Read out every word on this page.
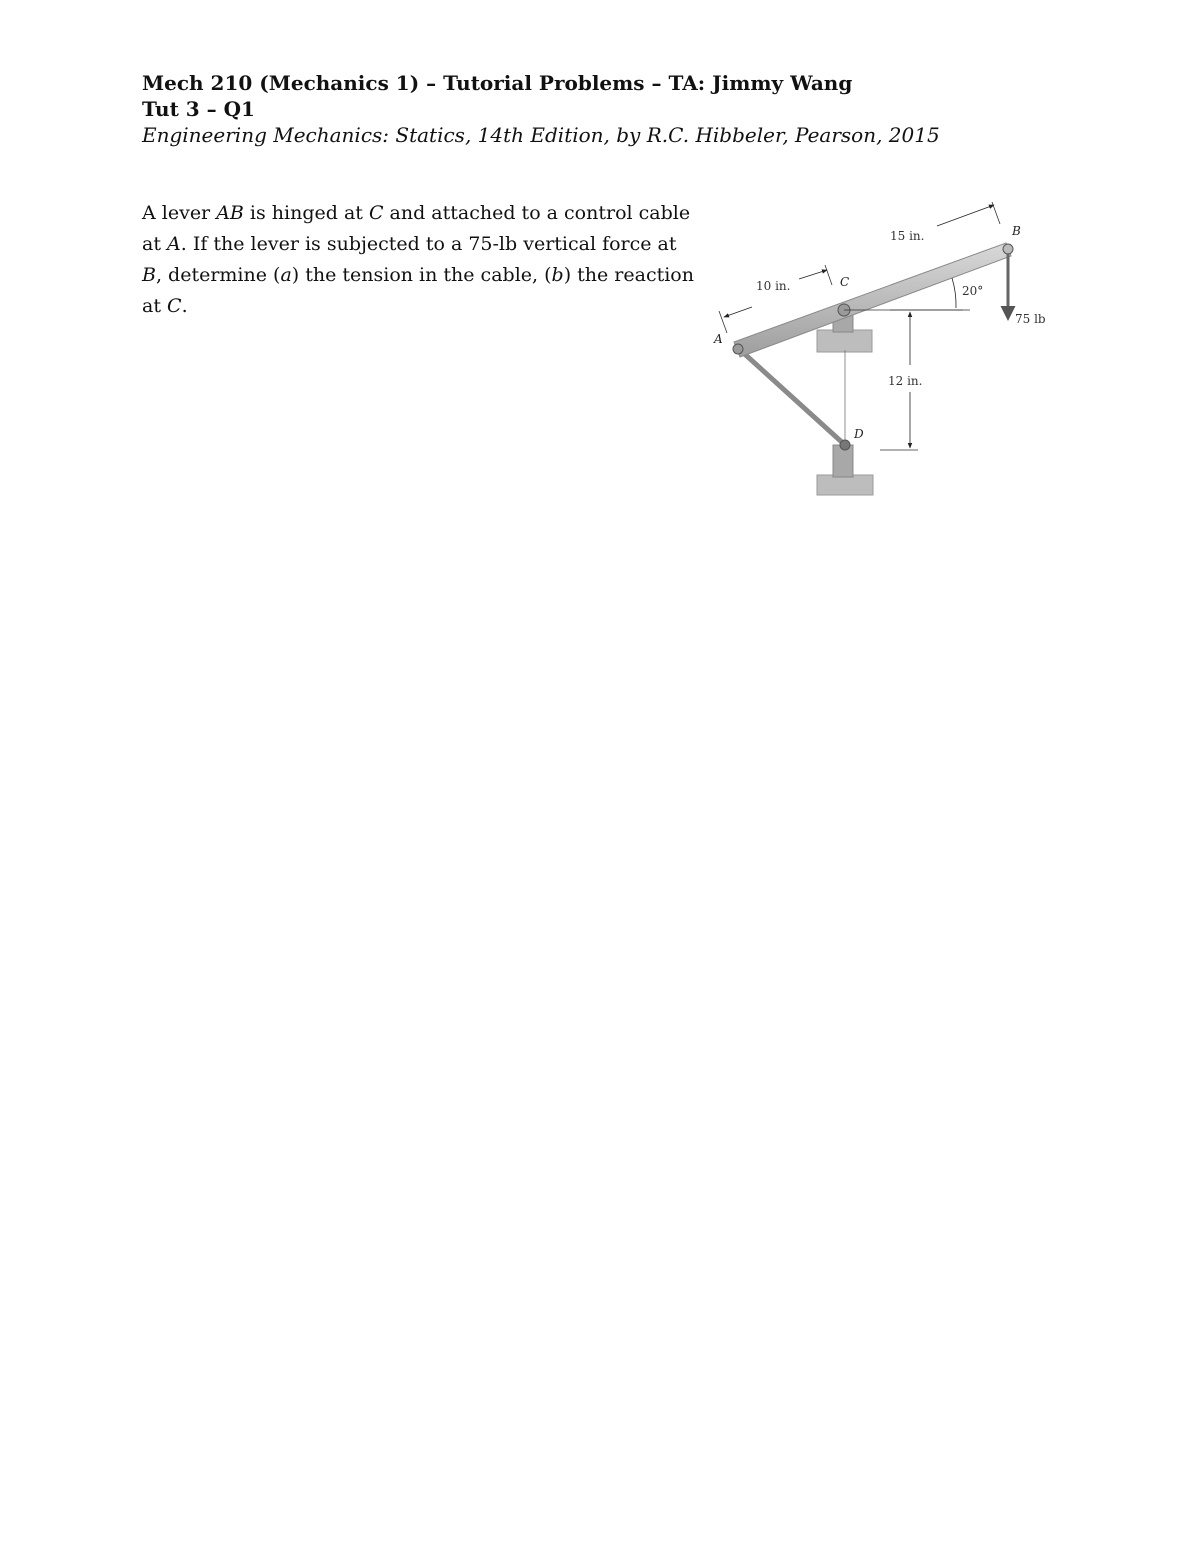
Mech 210 (Mechanics 1) – Tutorial Problems – TA: Jimmy Wang
Tut 3 – Q1
Engineering Mechanics: Statics, 14th Edition, by R.C. Hibbeler, Pearson, 2015
A lever AB is hinged at C and attached to a control cable at A. If the lever is subjected to a 75-lb vertical force at B, determine (a) the tension in the cable, (b) the reaction at C.
A
B
C
D
10 in.
15 in.
12 in.
20°
75 lb
